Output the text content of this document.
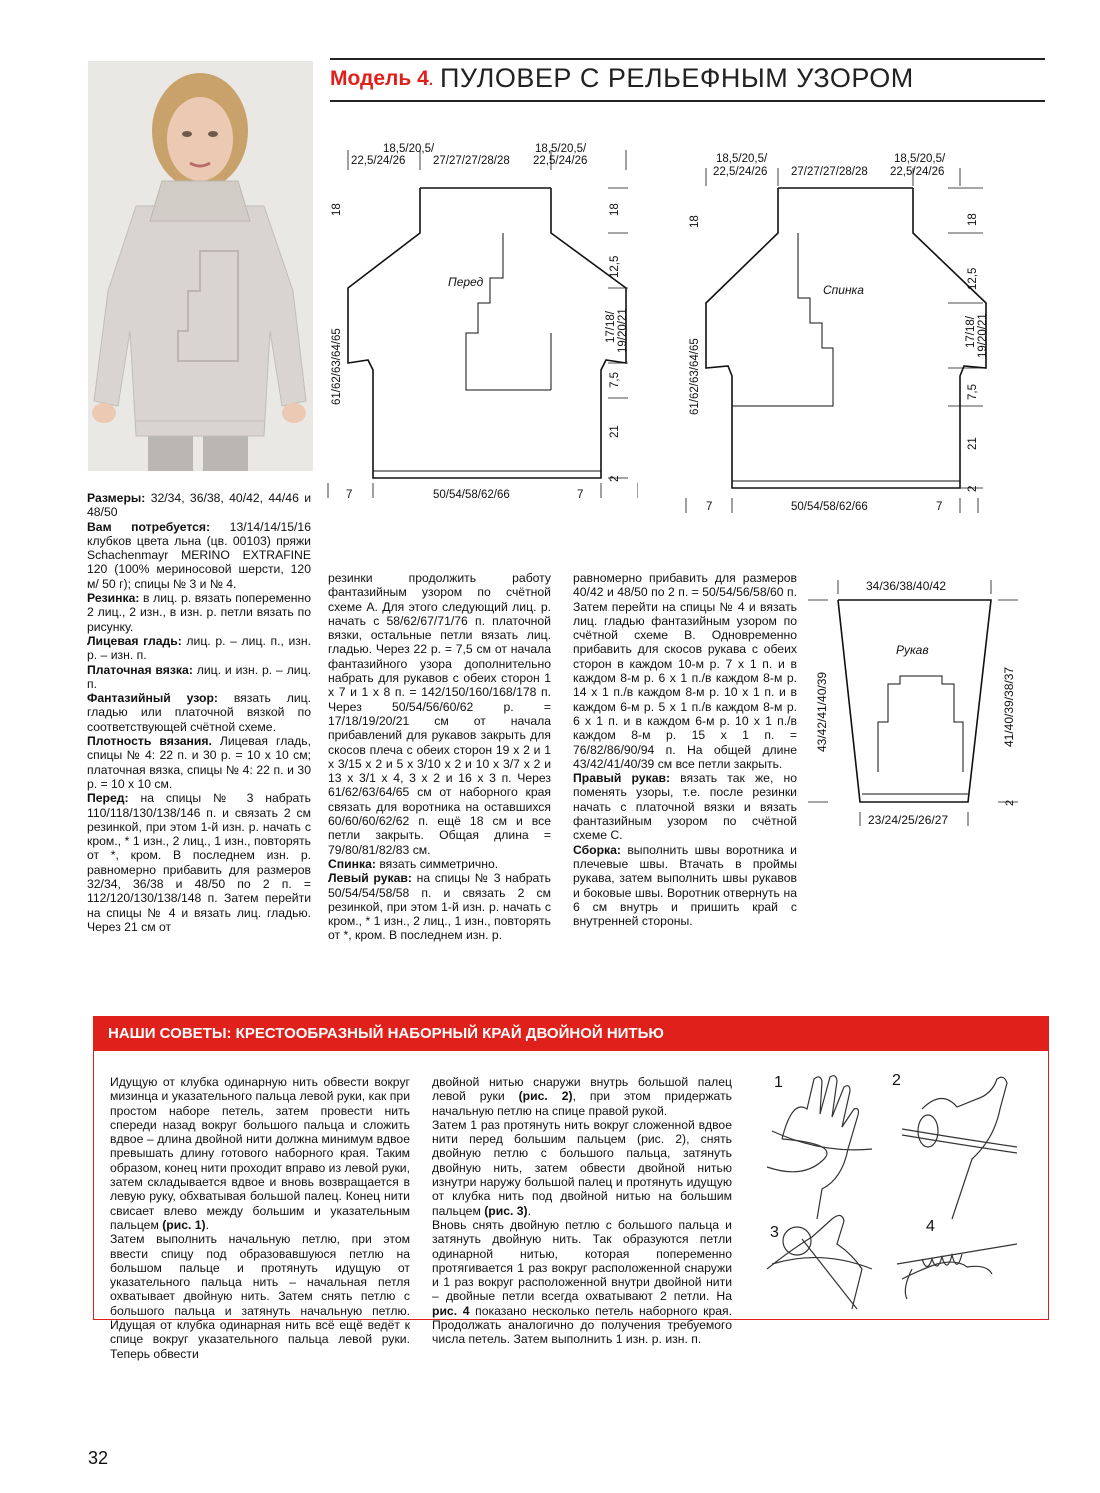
Модель 4 . ПУЛОВЕР С РЕЛЬЕФНЫМ УЗОРОМ
18,5/20,5/
22,5/24/26 27/27/27/28/28
18,5/20,5/
22,5/24/26
Перед
18
12,5
17/18/ 19/20/21
7,5
21
2
18
61/62/63/64/65
7	50/54/58/62/66	7
18,5/20,5/
22,5/24/26 27/27/27/28/28
18,5/20,5/
22,5/24/26
Спинка
18
12,5
17/18/ 19/20/21
7,5
21
2
18
61/62/63/64/65
7	50/54/58/62/66	7
34/36/38/40/42
Рукав
43/42/41/40/39	41/40/39/38/37
2
23/24/25/26/27

Размеры: 32/34, 36/38, 40/42, 44/46 и 48/50

Вам потребуется: 13/14/14/15/16 клубков цвета льна (цв. 00103) пряжи Schachenmayr MERINO EXTRAFINE 120 (100% мериносовой шерсти, 120 м/ 50 г); спицы № 3 и № 4.

Резинка: в лиц. р. вязать попеременно 2 лиц., 2 изн., в изн. р. петли вязать по рисунку.

Лицевая гладь: лиц. р. – лиц. п., изн. р. – изн. п.

Платочная вязка: лиц. и изн. р. – лиц. п.

Фантазийный узор: вязать лиц. гладью или платочной вязкой по соответствующей счётной схеме.

Плотность вязания. Лицевая гладь, спицы № 4: 22 п. и 30 р. = 10 x 10 см; платочная вязка, спицы № 4: 22 п. и 30 р. = 10 x 10 см.

Перед: на спицы № 3 набрать 110/118/130/138/146 п. и связать 2 см резинкой, при этом 1-й изн. р. начать с кром., * 1 изн., 2 лиц., 1 изн., повторять от *, кром. В последнем изн. р. равномерно прибавить для размеров 32/34, 36/38 и 48/50 по 2 п. = 112/120/130/138/148 п. Затем перейти на спицы № 4 и вязать лиц. гладью. Через 21 см от

резинки продолжить работу фантазийным узором по счётной схеме А. Для этого следующий лиц. р. начать с 58/62/67/71/76 п. платочной вязки, остальные петли вязать лиц. гладью. Через 22 р. = 7,5 см от начала фантазийного узора дополнительно набрать для рукавов с обеих сторон 1 x 7 и 1 x 8 п. = 142/150/160/168/178 п. Через 50/54/56/60/62 р. = 17/18/19/20/21 см от начала прибавлений для рукавов закрыть для скосов плеча с обеих сторон 19 x 2 и 1 x 3/15 x 2 и 5 x 3/10 x 2 и 10 x 3/7 x 2 и 13 x 3/1 x 4, 3 x 2 и 16 x 3 п. Через 61/62/63/64/65 см от наборного края связать для воротника на оставшихся 60/60/60/62/62 п. ещё 18 см и все петли закрыть. Общая длина = 79/80/81/82/83 см.

Спинка: вязать симметрично.

Левый рукав: на спицы № 3 набрать 50/54/54/58/58 п. и связать 2 см резинкой, при этом 1-й изн. р. начать с кром., * 1 изн., 2 лиц., 1 изн., повторять от *, кром. В последнем изн. р.

равномерно прибавить для размеров 40/42 и 48/50 по 2 п. = 50/54/56/58/60 п. Затем перейти на спицы № 4 и вязать лиц. гладью фантазийным узором по счётной схеме В. Одновременно прибавить для скосов рукава с обеих сторон в каждом 10-м р. 7 x 1 п. и в каждом 8-м р. 6 x 1 п./в каждом 8-м р. 14 x 1 п./в каждом 8-м р. 10 x 1 п. и в каждом 6-м р. 5 x 1 п./в каждом 8-м р. 6 x 1 п. и в каждом 6-м р. 10 x 1 п./в каждом 8-м р. 15 x 1 п. = 76/82/86/90/94 п. На общей длине 43/42/41/40/39 см все петли закрыть.

Правый рукав: вязать так же, но поменять узоры, т.е. после резинки начать с платочной вязки и вязать фантазийным узором по счётной схеме С.

Сборка: выполнить швы воротника и плечевые швы. Втачать в проймы рукава, затем выполнить швы рукавов и боковые швы. Воротник отвернуть на 6 см внутрь и пришить край с внутренней стороны.

НАШИ СОВЕТЫ: КРЕСТООБРАЗНЫЙ НАБОРНЫЙ КРАЙ ДВОЙНОЙ НИТЬЮ

Идущую от клубка одинарную нить обвести вокруг мизинца и указательного пальца левой руки, как при простом наборе петель, затем провести нить спереди назад вокруг большого пальца и сложить вдвое – длина двойной нити должна минимум вдвое превышать длину готового наборного края. Таким образом, конец нити проходит вправо из левой руки, затем складывается вдвое и вновь возвращается в левую руку, обхватывая большой палец. Конец нити свисает влево между большим и указательным пальцем (рис. 1).

Затем выполнить начальную петлю, при этом ввести спицу под образовавшуюся петлю на большом пальце и протянуть идущую от указательного пальца нить – начальная петля охватывает двойную нить. Затем снять петлю с большого пальца и затянуть начальную петлю. Идущая от клубка одинарная нить всё ещё ведёт к спице вокруг указательного пальца левой руки. Теперь обвести

двойной нитью снаружи внутрь большой палец левой руки (рис. 2), при этом придержать начальную петлю на спице правой рукой.

Затем 1 раз протянуть нить вокруг сложенной вдвое нити перед большим пальцем (рис. 2), снять двойную петлю с большого пальца, затянуть двойную нить, затем обвести двойной нитью изнутри наружу большой палец и протянуть идущую от клубка нить под двойной нитью на большим пальцем (рис. 3).

Вновь снять двойную петлю с большого пальца и затянуть двойную нить. Так образуются петли одинарной нитью, которая попеременно протягивается 1 раз вокруг расположенной снаружи и 1 раз вокруг расположенной внутри двойной нити – двойные петли всегда охватывают 2 петли. На рис. 4 показано несколько петель наборного края. Продолжать аналогично до получения требуемого числа петель. Затем выполнить 1 изн. р. изн. п.

1	2
3	4
32
